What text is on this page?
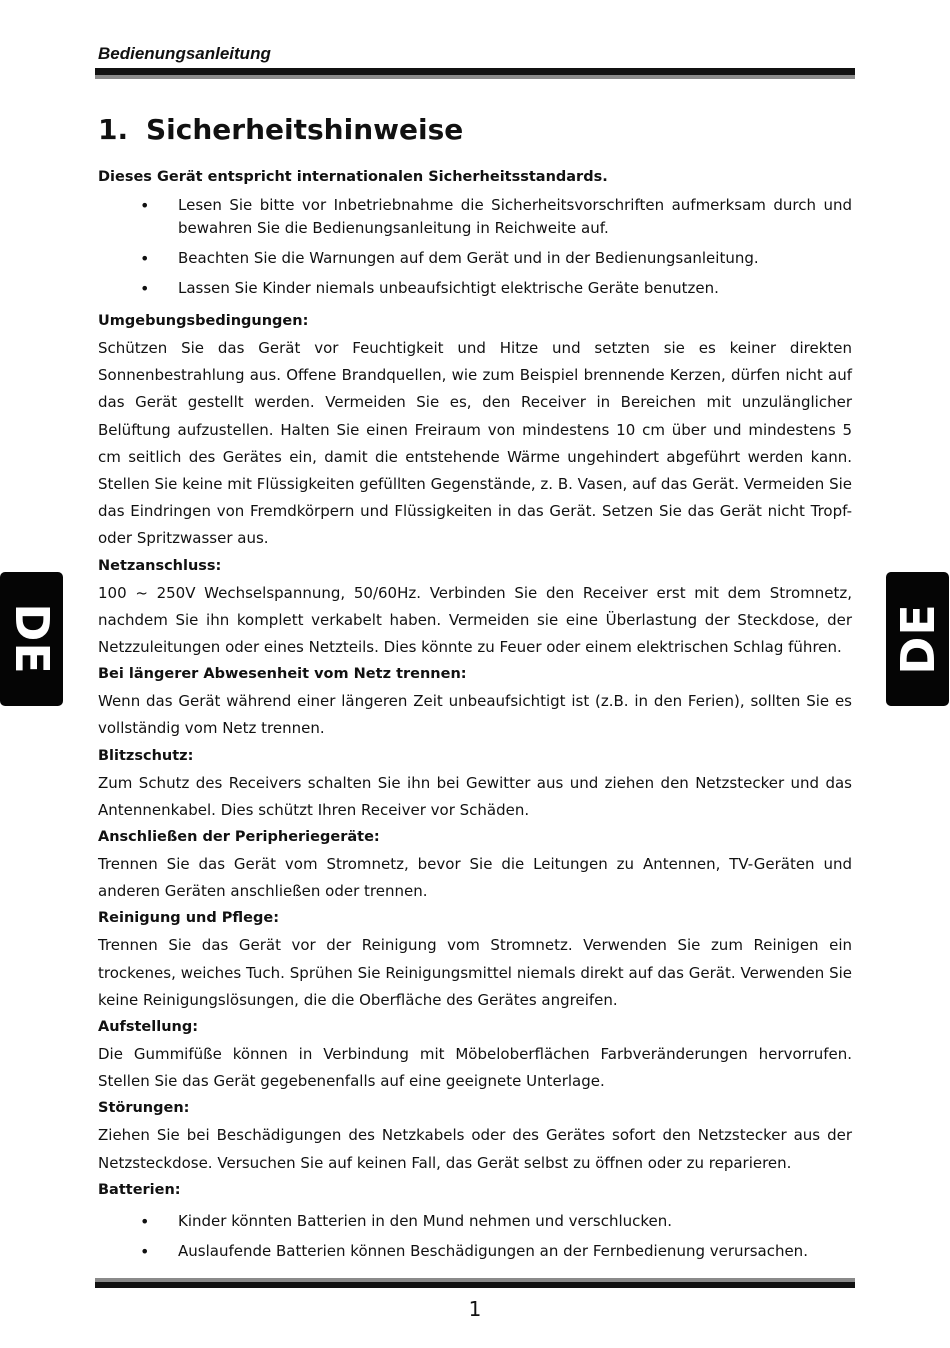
Bedienungsanleitung
DE	DE
1. Sicherheitshinweise

Dieses Gerät entspricht internationalen Sicherheitsstandards.

• Lesen Sie bitte vor Inbetriebnahme die Sicherheitsvorschriften aufmerksam durch und bewahren Sie die Bedienungsanleitung in Reichweite auf.
• Beachten Sie die Warnungen auf dem Gerät und in der Bedienungsanleitung.
• Lassen Sie Kinder niemals unbeaufsichtigt elektrische Geräte benutzen.

Umgebungsbedingungen:

Schützen Sie das Gerät vor Feuchtigkeit und Hitze und setzten sie es keiner direkten Sonnenbestrahlung aus. Offene Brandquellen, wie zum Beispiel brennende Kerzen, dürfen nicht auf das Gerät gestellt werden. Vermeiden Sie es, den Receiver in Bereichen mit unzulänglicher Belüftung aufzustellen. Halten Sie einen Freiraum von mindestens 10 cm über und mindestens 5 cm seitlich des Gerätes ein, damit die entstehende Wärme ungehindert abgeführt werden kann. Stellen Sie keine mit Flüssigkeiten gefüllten Gegenstände, z. B. Vasen, auf das Gerät. Vermeiden Sie das Eindringen von Fremdkörpern und Flüssigkeiten in das Gerät. Setzen Sie das Gerät nicht Tropf- oder Spritzwasser aus.

Netzanschluss:

100 ~ 250V Wechselspannung, 50/60Hz. Verbinden Sie den Receiver erst mit dem Stromnetz, nachdem Sie ihn komplett verkabelt haben. Vermeiden sie eine Überlastung der Steckdose, der Netzzuleitungen oder eines Netzteils. Dies könnte zu Feuer oder einem elektrischen Schlag führen.

Bei längerer Abwesenheit vom Netz trennen:

Wenn das Gerät während einer längeren Zeit unbeaufsichtigt ist (z.B. in den Ferien), sollten Sie es vollständig vom Netz trennen.

Blitzschutz:

Zum Schutz des Receivers schalten Sie ihn bei Gewitter aus und ziehen den Netzstecker und das Antennenkabel. Dies schützt Ihren Receiver vor Schäden.

Anschließen der Peripheriegeräte:

Trennen Sie das Gerät vom Stromnetz, bevor Sie die Leitungen zu Antennen, TV-Geräten und anderen Geräten anschließen oder trennen.

Reinigung und Pflege:

Trennen Sie das Gerät vor der Reinigung vom Stromnetz. Verwenden Sie zum Reinigen ein trockenes, weiches Tuch. Sprühen Sie Reinigungsmittel niemals direkt auf das Gerät. Verwenden Sie keine Reinigungslösungen, die die Oberfläche des Gerätes angreifen.

Aufstellung:

Die Gummifüße können in Verbindung mit Möbeloberflächen Farbveränderungen hervorrufen. Stellen Sie das Gerät gegebenenfalls auf eine geeignete Unterlage.

Störungen:

Ziehen Sie bei Beschädigungen des Netzkabels oder des Gerätes sofort den Netzstecker aus der Netzsteckdose. Versuchen Sie auf keinen Fall, das Gerät selbst zu öffnen oder zu reparieren.

Batterien:

• Kinder könnten Batterien in den Mund nehmen und verschlucken.
• Auslaufende Batterien können Beschädigungen an der Fernbedienung verursachen.
1
